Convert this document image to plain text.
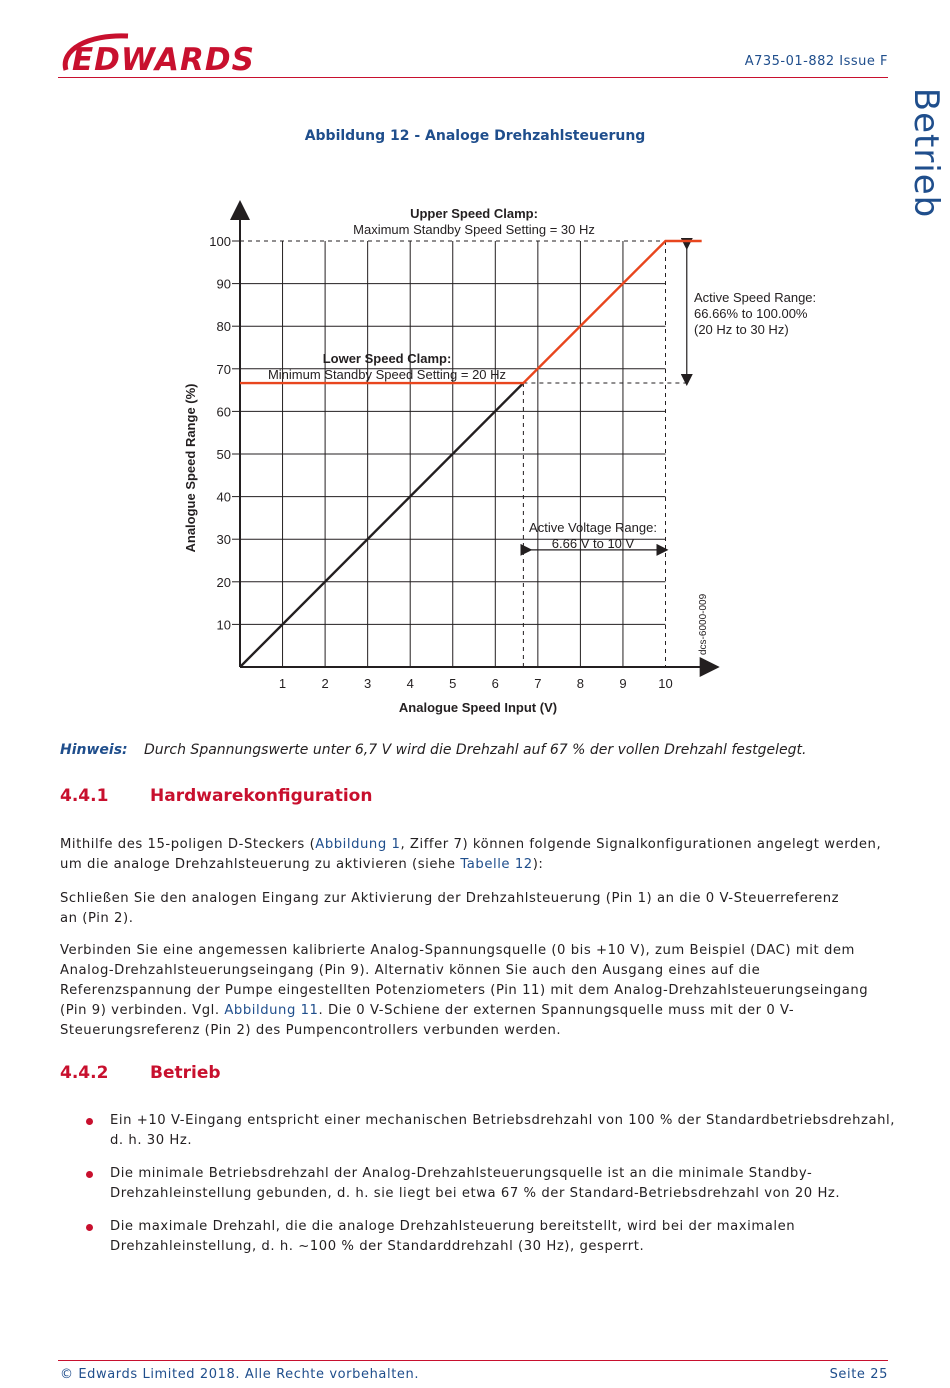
EDWARDS	A735-01-882 Issue F
Betrieb
Abbildung 12 - Analoge Drehzahlsteuerung
1	2	3	4	5	6	7	8	9 10
10
20
30
40
50
60
70
80
90
100
Upper Speed Clamp:
Maximum Standby Speed Setting = 30 Hz
Lower Speed Clamp:
Minimum Standby Speed Setting = 20 Hz
Active Speed Range:
66.66% to 100.00%
(20 Hz to 30 Hz)
Active Voltage Range:
6.66 V to 10 V
dcs-6000-009
Analogue Speed Input (V)
Analogue Speed Range (%)
Hinweis: Durch Spannungswerte unter 6,7 V wird die Drehzahl auf 67 % der vollen Drehzahl festgelegt.
4.4.1 Hardwarekonfiguration
Mithilfe des 15-poligen D-Steckers (Abbildung 1, Ziffer 7) können folgende Signalkonfigurationen angelegt werden, um die analoge Drehzahlsteuerung zu aktivieren (siehe Tabelle 12):
Schließen Sie den analogen Eingang zur Aktivierung der Drehzahlsteuerung (Pin 1) an die 0 V-Steuerreferenz an (Pin 2).
Verbinden Sie eine angemessen kalibrierte Analog-Spannungsquelle (0 bis +10 V), zum Beispiel (DAC) mit dem Analog-Drehzahlsteuerungseingang (Pin 9). Alternativ können Sie auch den Ausgang eines auf die Referenzspannung der Pumpe eingestellten Potenziometers (Pin 11) mit dem Analog-Drehzahlsteuerungseingang (Pin 9) verbinden. Vgl. Abbildung 11. Die 0 V-Schiene der externen Spannungsquelle muss mit der 0 V-Steuerungsreferenz (Pin 2) des Pumpencontrollers verbunden werden.
4.4.2 Betrieb
Ein +10 V-Eingang entspricht einer mechanischen Betriebsdrehzahl von 100 % der Standardbetriebsdrehzahl, d. h. 30 Hz.
Die minimale Betriebsdrehzahl der Analog-Drehzahlsteuerungsquelle ist an die minimale Standby-Drehzahleinstellung gebunden, d. h. sie liegt bei etwa 67 % der Standard-Betriebsdrehzahl von 20 Hz.
Die maximale Drehzahl, die die analoge Drehzahlsteuerung bereitstellt, wird bei der maximalen Drehzahleinstellung, d. h. ~100 % der Standarddrehzahl (30 Hz), gesperrt.
© Edwards Limited 2018. Alle Rechte vorbehalten.	Seite 25
